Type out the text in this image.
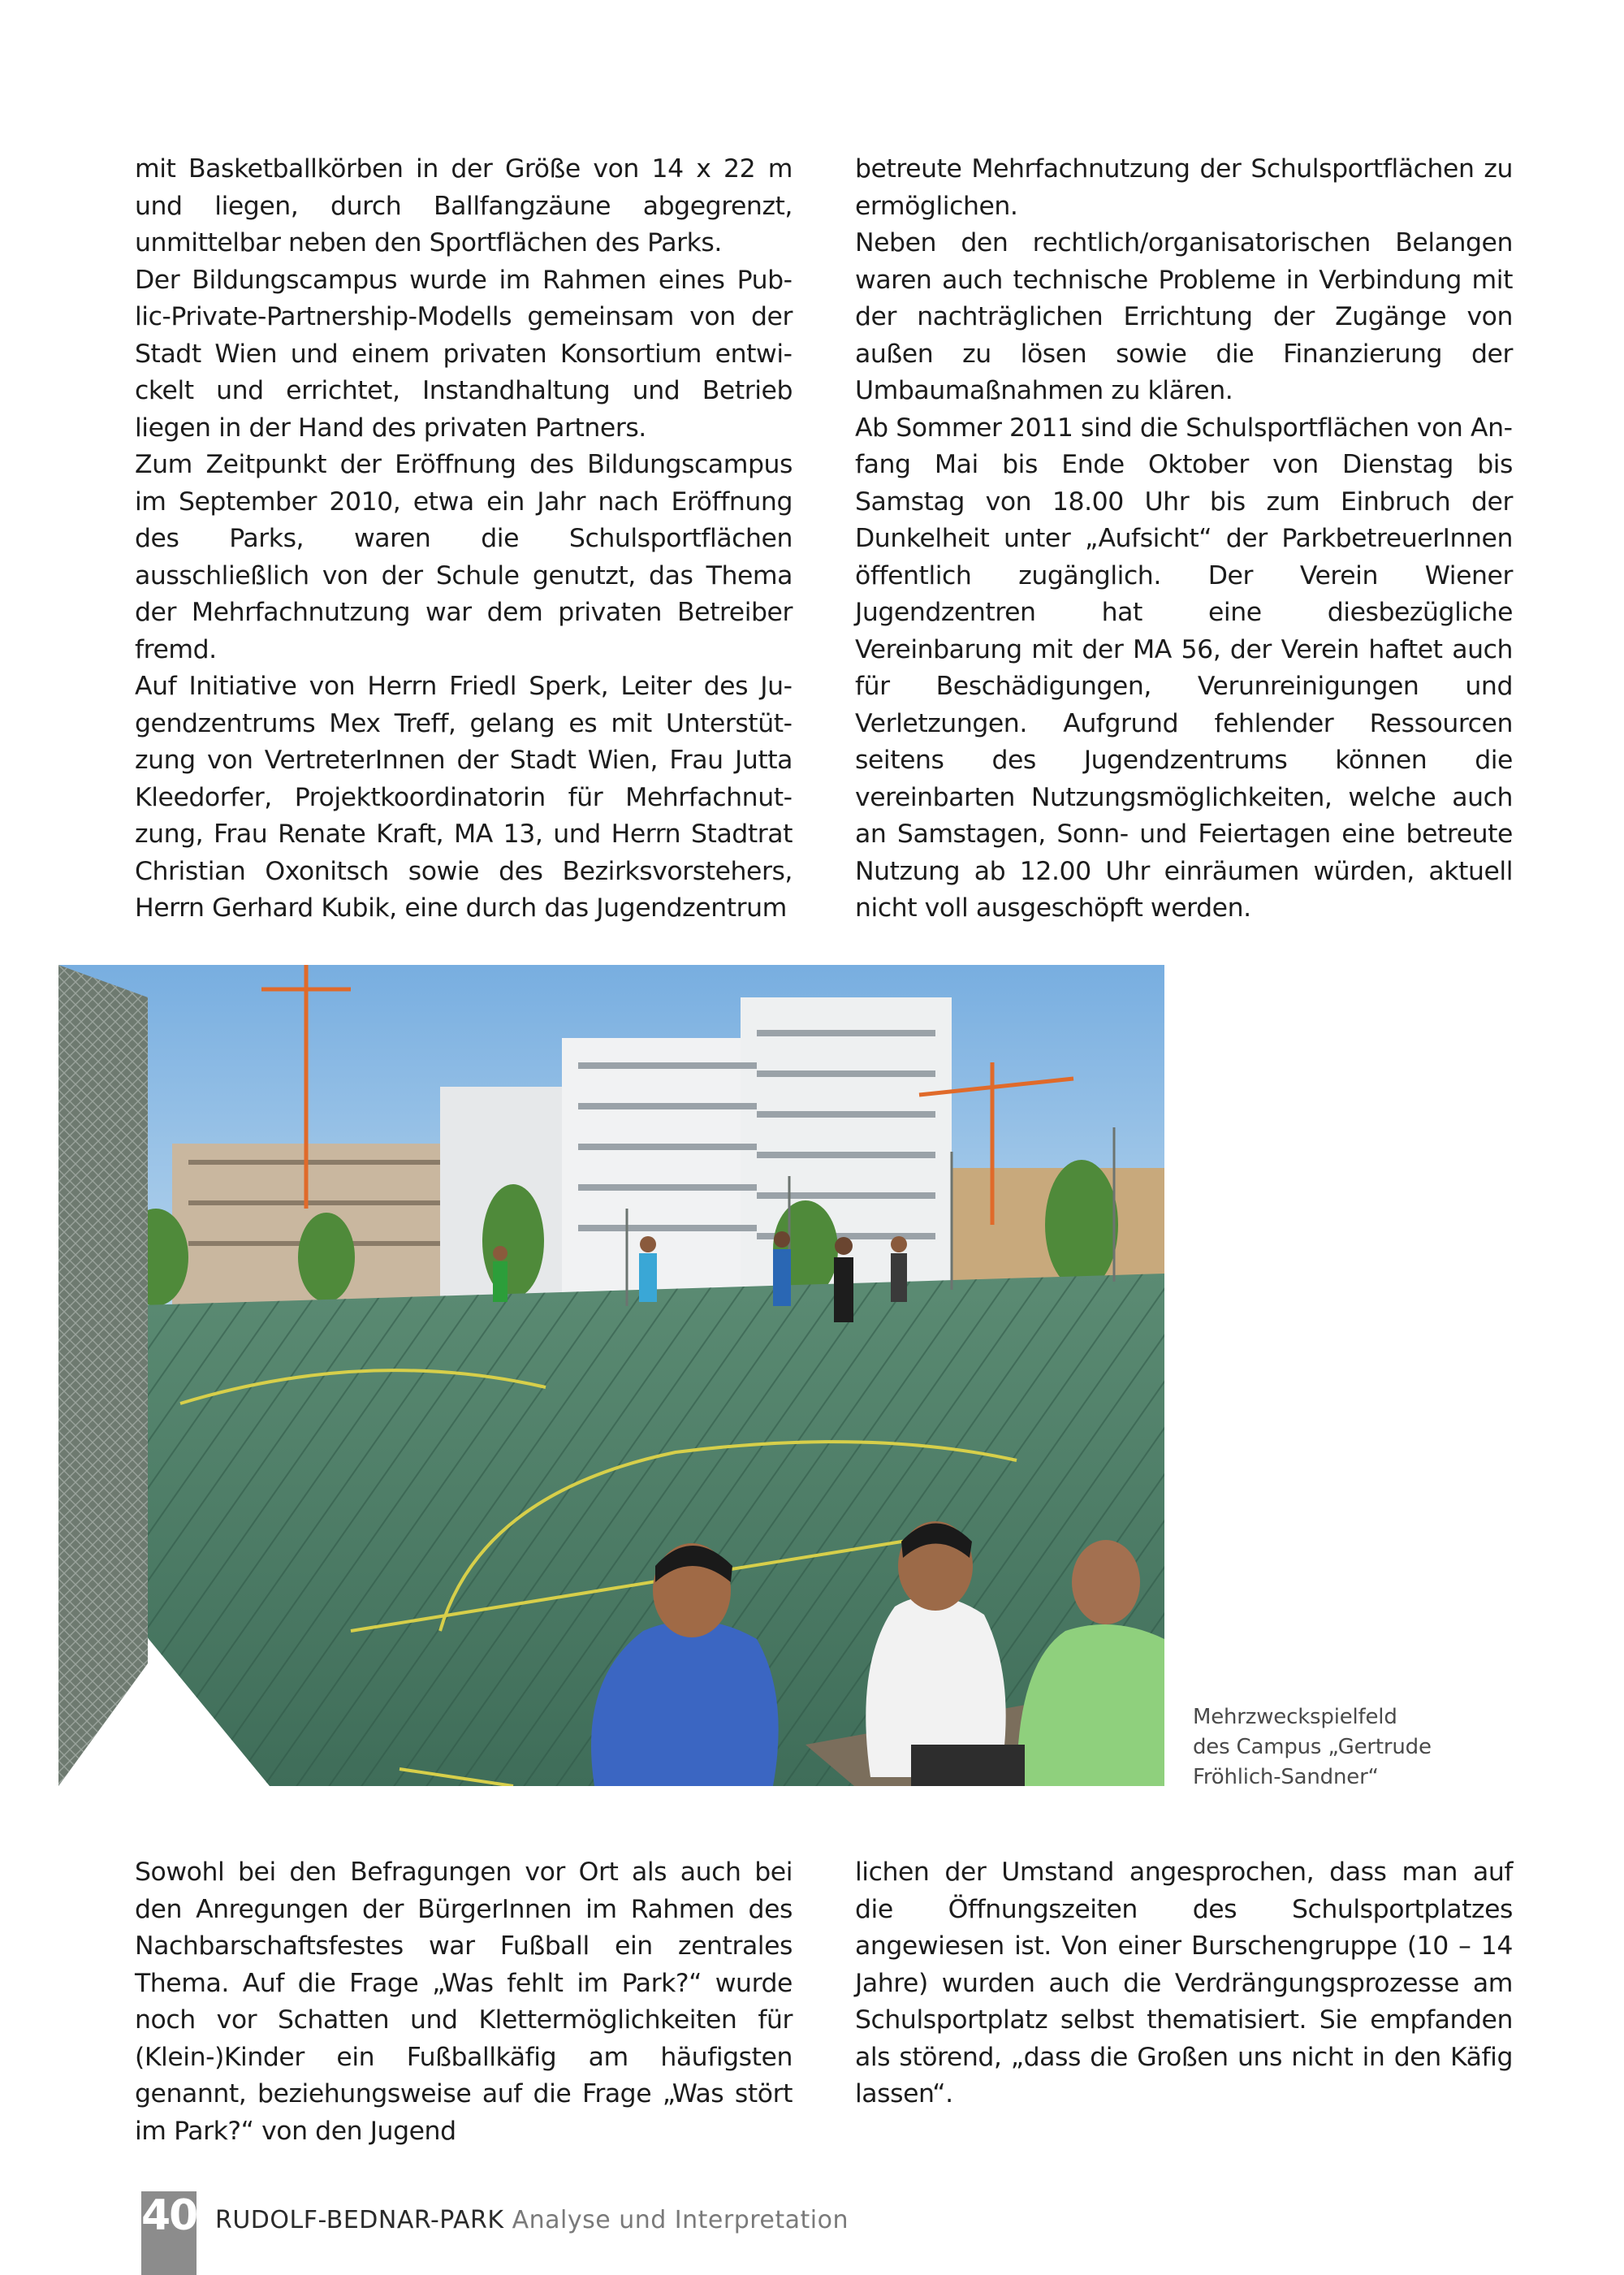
mit Basketballkörben in der Größe von 14 x 22 m und liegen, durch Ballfangzäune abgegrenzt, unmittelbar neben den Sportflächen des Parks.

Der Bildungscampus wurde im Rahmen eines Public-Private-Partnership-Modells gemeinsam von der Stadt Wien und einem privaten Konsortium entwickelt und errichtet, Instandhaltung und Betrieb liegen in der Hand des privaten Partners.

Zum Zeitpunkt der Eröffnung des Bildungscampus im September 2010, etwa ein Jahr nach Eröffnung des Parks, waren die Schulsportflächen ausschließlich von der Schule genutzt, das Thema der Mehrfachnutzung war dem privaten Betreiber fremd.

Auf Initiative von Herrn Friedl Sperk, Leiter des Jugendzentrums Mex Treff, gelang es mit Unterstützung von VertreterInnen der Stadt Wien, Frau Jutta Kleedorfer, Projektkoordinatorin für Mehrfachnutzung, Frau Renate Kraft, MA 13, und Herrn Stadtrat Christian Oxonitsch sowie des Bezirksvorstehers, Herrn Gerhard Kubik, eine durch das Jugendzentrum

betreute Mehrfachnutzung der Schulsportflächen zu ermöglichen.

Neben den rechtlich/organisatorischen Belangen waren auch technische Probleme in Verbindung mit der nachträglichen Errichtung der Zugänge von außen zu lösen sowie die Finanzierung der Umbaumaßnahmen zu klären.

Ab Sommer 2011 sind die Schulsportflächen von Anfang Mai bis Ende Oktober von Dienstag bis Samstag von 18.00 Uhr bis zum Einbruch der Dunkelheit unter „Aufsicht“ der ParkbetreuerInnen öffentlich zugänglich. Der Verein Wiener Jugendzentren hat eine diesbezügliche Vereinbarung mit der MA 56, der Verein haftet auch für Beschädigungen, Verunreinigungen und Verletzungen. Aufgrund fehlender Ressourcen seitens des Jugendzentrums können die vereinbarten Nutzungsmöglichkeiten, welche auch an Samstagen, Sonn- und Feiertagen eine betreute Nutzung ab 12.00 Uhr einräumen würden, aktuell nicht voll ausgeschöpft werden.

Mehrzweckspielfeld
des Campus „Gertrude
Fröhlich-Sandner“

Sowohl bei den Befragungen vor Ort als auch bei den Anregungen der BürgerInnen im Rahmen des Nachbarschaftsfestes war Fußball ein zentrales Thema. Auf die Frage „Was fehlt im Park?“ wurde noch vor Schatten und Klettermöglichkeiten für (Klein-)Kinder ein Fußballkäfig am häufigsten genannt, beziehungsweise auf die Frage „Was stört im Park?“ von den Jugend

lichen der Umstand angesprochen, dass man auf die Öffnungszeiten des Schulsportplatzes angewiesen ist. Von einer Burschengruppe (10 – 14 Jahre) wurden auch die Verdrängungsprozesse am Schulsportplatz selbst thematisiert. Sie empfanden als störend, „dass die Großen uns nicht in den Käfig lassen“.

40 RUDOLF-BEDNAR-PARK Analyse und Interpretation
